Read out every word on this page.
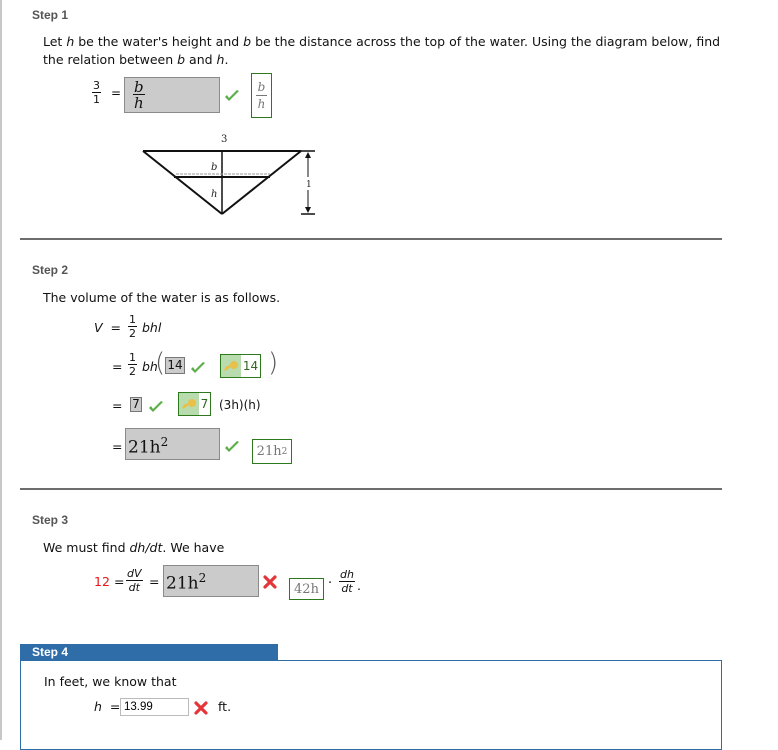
Step 1
Let h be the water's height and b be the distance across the top of the water. Using the diagram below, find
the relation between b and h.
$\frac{3}{1} = \frac{b}{h}$	$\frac{b}{h}$
3
b
h
1
Step 2
The volume of the water is as follows.
$V = \frac{1}{2}$ bhl
= $\frac{1}{2}$ bh
( 14	14 )
= 7	7 (3h)(h)
= $21h^2$
21h 2
Step 3
We must find dh/dt. We have
$12 = \frac{dV}{dt} = 21h^2$
$42h \cdot \frac{dh}{dt}$ .
Step 4
In feet, we know that
h =
13.99	ft.
